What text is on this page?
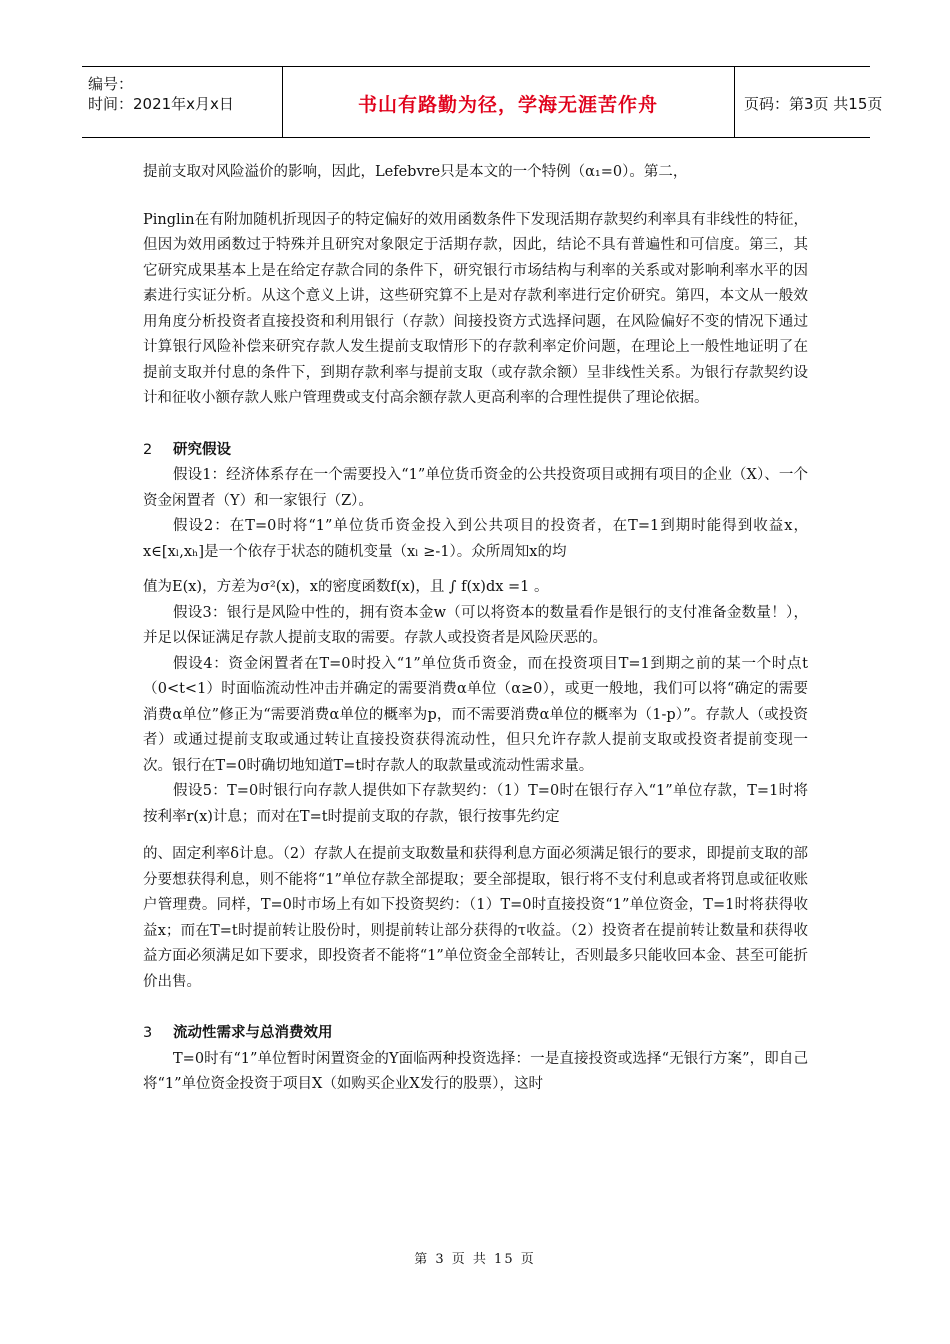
编号：
时间：2021年x月x日	书山有路勤为径，学海无涯苦作舟	页码：第3页 共15页

提前支取对风险溢价的影响，因此，Lefebvre只是本文的一个特例（α₁=0）。第二，

Pinglin在有附加随机折现因子的特定偏好的效用函数条件下发现活期存款契约利率具有非线性的特征，但因为效用函数过于特殊并且研究对象限定于活期存款，因此，结论不具有普遍性和可信度。第三，其它研究成果基本上是在给定存款合同的条件下，研究银行市场结构与利率的关系或对影响利率水平的因素进行实证分析。从这个意义上讲，这些研究算不上是对存款利率进行定价研究。第四，本文从一般效用角度分析投资者直接投资和利用银行（存款）间接投资方式选择问题，在风险偏好不变的情况下通过计算银行风险补偿来研究存款人发生提前支取情形下的存款利率定价问题，在理论上一般性地证明了在提前支取并付息的条件下，到期存款利率与提前支取（或存款余额）呈非线性关系。为银行存款契约设计和征收小额存款人账户管理费或支付高余额存款人更高利率的合理性提供了理论依据。

2 研究假设

假设1：经济体系存在一个需要投入“1”单位货币资金的公共投资项目或拥有项目的企业（X）、一个资金闲置者（Y）和一家银行（Z）。

假设2：在T=0时将“1”单位货币资金投入到公共项目的投资者，在T=1到期时能得到收益x，x∈[xₗ,xₕ]是一个依存于状态的随机变量（xₗ ≥-1）。众所周知x的均

值为E(x)，方差为σ²(x)，x的密度函数f(x)，且 ∫ f(x)dx =1 。

假设3：银行是风险中性的，拥有资本金w（可以将资本的数量看作是银行的支付准备金数量！），并足以保证满足存款人提前支取的需要。存款人或投资者是风险厌恶的。

假设4：资金闲置者在T=0时投入“1”单位货币资金，而在投资项目T=1到期之前的某一个时点t（0<t<1）时面临流动性冲击并确定的需要消费α单位（α≥0），或更一般地，我们可以将“确定的需要消费α单位”修正为“需要消费α单位的概率为p，而不需要消费α单位的概率为（1-p）”。存款人（或投资者）或通过提前支取或通过转让直接投资获得流动性，但只允许存款人提前支取或投资者提前变现一次。银行在T=0时确切地知道T=t时存款人的取款量或流动性需求量。

假设5：T=0时银行向存款人提供如下存款契约：（1）T=0时在银行存入“1”单位存款，T=1时将按利率r(x)计息；而对在T=t时提前支取的存款，银行按事先约定

的、固定利率δ计息。（2）存款人在提前支取数量和获得利息方面必须满足银行的要求，即提前支取的部分要想获得利息，则不能将“1”单位存款全部提取；要全部提取，银行将不支付利息或者将罚息或征收账户管理费。同样，T=0时市场上有如下投资契约：（1）T=0时直接投资“1”单位资金，T=1时将获得收益x；而在T=t时提前转让股份时，则提前转让部分获得的τ收益。（2）投资者在提前转让数量和获得收益方面必须满足如下要求，即投资者不能将“1”单位资金全部转让，否则最多只能收回本金、甚至可能折价出售。

3 流动性需求与总消费效用

T=0时有“1”单位暂时闲置资金的Y面临两种投资选择：一是直接投资或选择“无银行方案”，即自己将“1”单位资金投资于项目X（如购买企业X发行的股票），这时

第 3 页 共 15 页
